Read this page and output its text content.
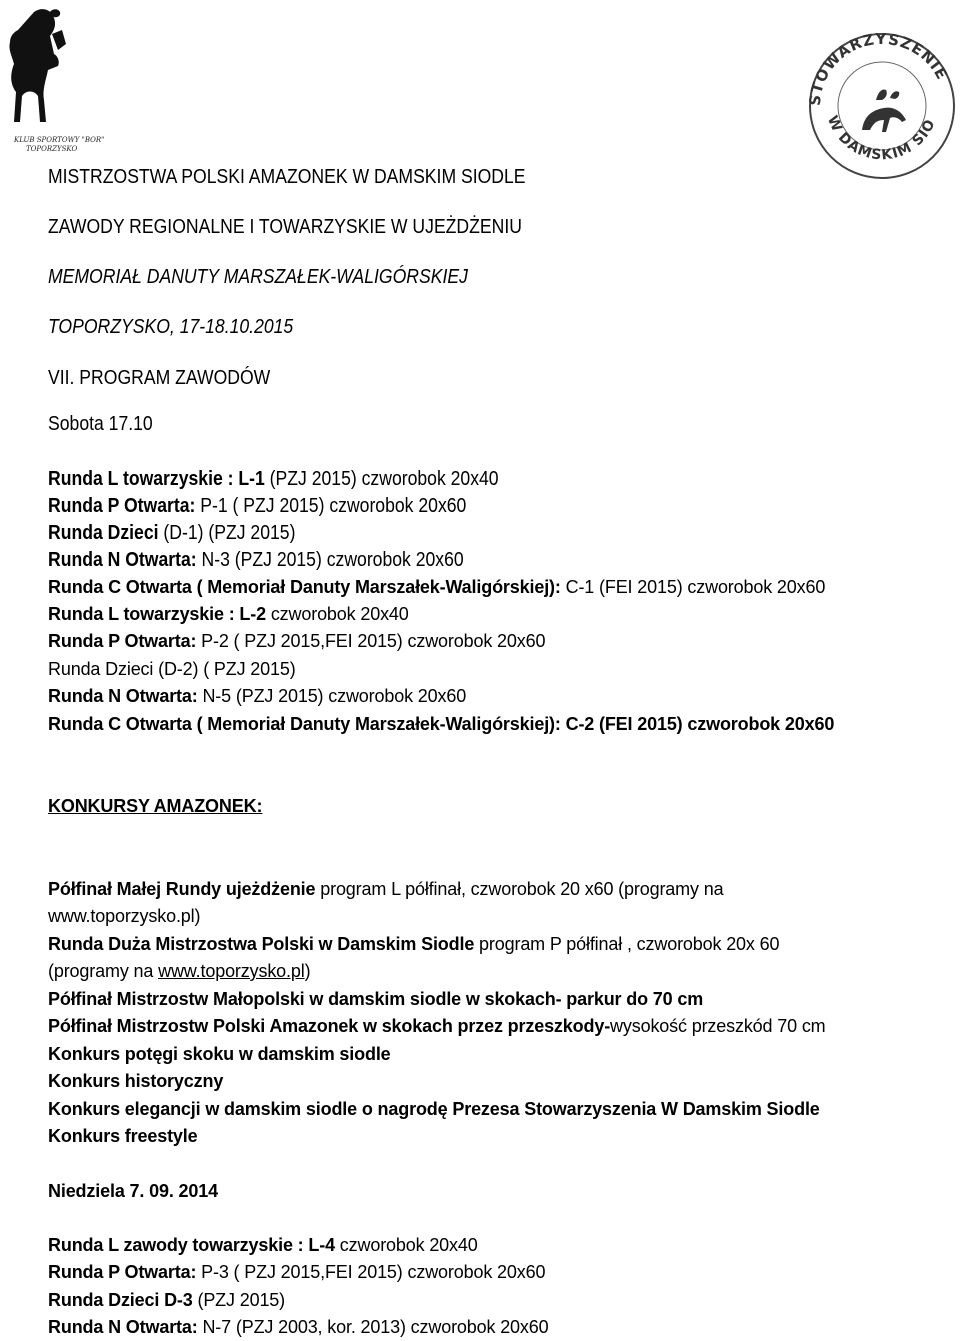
KLUB SPORTOWY "BOR"
TOPORZYSKO
STOWARZYSZENIE
W DAMSKIM SIO
MISTRZOSTWA POLSKI AMAZONEK W DAMSKIM SIODLE
ZAWODY REGIONALNE I TOWARZYSKIE W UJEŻDŻENIU
MEMORIAŁ DANUTY MARSZAŁEK-WALIGÓRSKIEJ
TOPORZYSKO, 17-18.10.2015
VII. PROGRAM ZAWODÓW
Sobota 17.10
Runda L towarzyskie : L-1 (PZJ 2015) czworobok 20x40
Runda P Otwarta: P-1 ( PZJ 2015) czworobok 20x60
Runda Dzieci (D-1) (PZJ 2015)
Runda N Otwarta: N-3 (PZJ 2015) czworobok 20x60
Runda C Otwarta ( Memoriał Danuty Marszałek-Waligórskiej): C-1 (FEI 2015) czworobok 20x60
Runda L towarzyskie : L-2 czworobok 20x40
Runda P Otwarta: P-2 ( PZJ 2015,FEI 2015) czworobok 20x60
Runda Dzieci (D-2) ( PZJ 2015)
Runda N Otwarta: N-5 (PZJ 2015) czworobok 20x60
Runda C Otwarta ( Memoriał Danuty Marszałek-Waligórskiej): C-2 (FEI 2015) czworobok 20x60
KONKURSY AMAZONEK:
Półfinał Małej Rundy ujeżdżenie program L półfinał, czworobok 20 x60 (programy na
www.toporzysko.pl)
Runda Duża Mistrzostwa Polski w Damskim Siodle program P półfinał , czworobok 20x 60
(programy na www.toporzysko.pl)
Półfinał Mistrzostw Małopolski w damskim siodle w skokach- parkur do 70 cm
Półfinał Mistrzostw Polski Amazonek w skokach przez przeszkody-wysokość przeszkód 70 cm
Konkurs potęgi skoku w damskim siodle
Konkurs historyczny
Konkurs elegancji w damskim siodle o nagrodę Prezesa Stowarzyszenia W Damskim Siodle
Konkurs freestyle
Niedziela 7. 09. 2014
Runda L zawody towarzyskie : L-4 czworobok 20x40
Runda P Otwarta: P-3 ( PZJ 2015,FEI 2015) czworobok 20x60
Runda Dzieci D-3 (PZJ 2015)
Runda N Otwarta: N-7 (PZJ 2003, kor. 2013) czworobok 20x60
